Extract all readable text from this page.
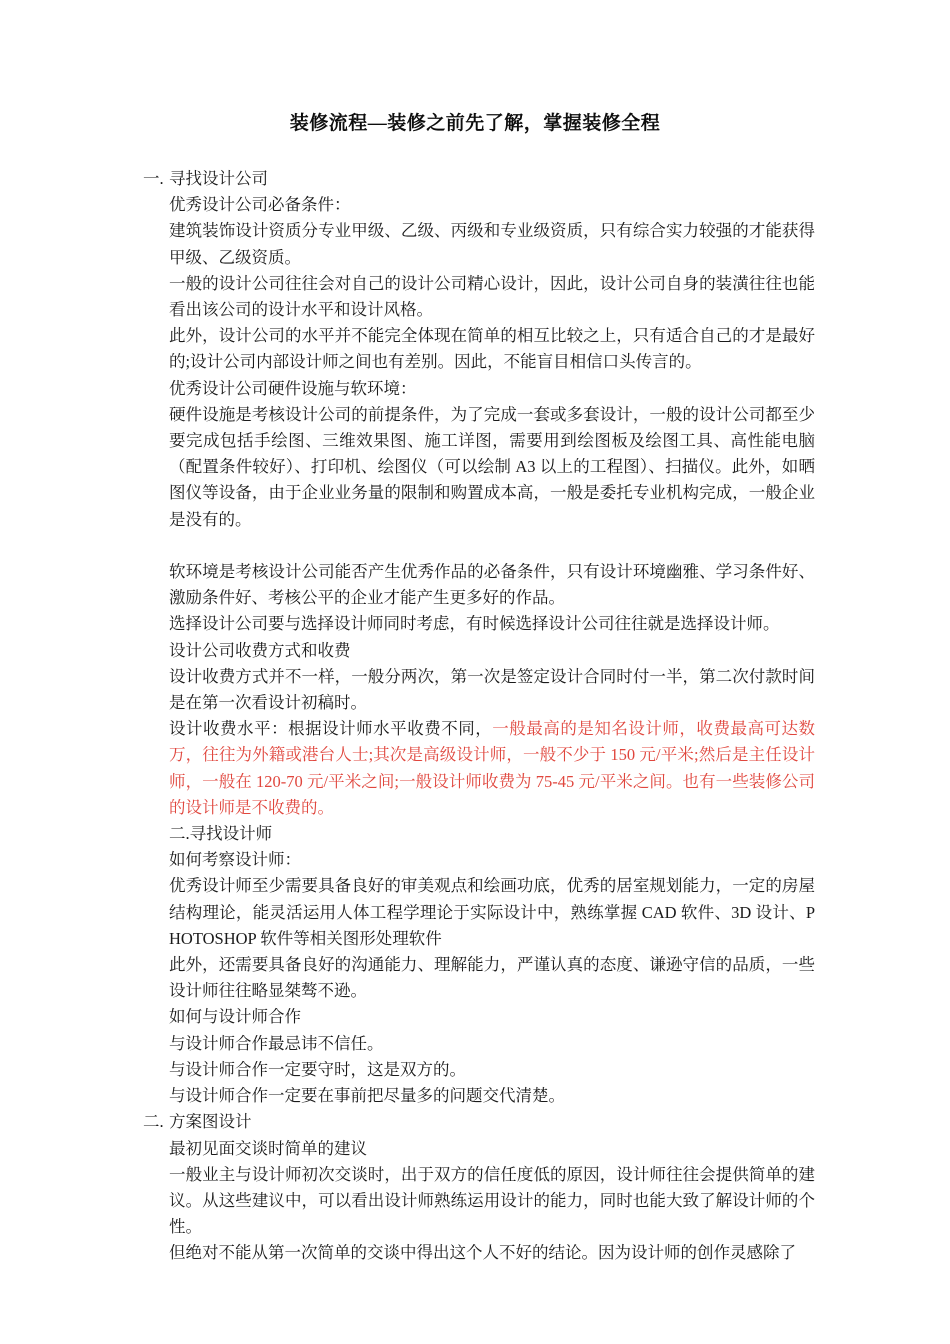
装修流程—装修之前先了解，掌握装修全程
一. 寻找设计公司

优秀设计公司必备条件：

建筑装饰设计资质分专业甲级、乙级、丙级和专业级资质，只有综合实力较强的才能获得甲级、乙级资质。

一般的设计公司往往会对自己的设计公司精心设计，因此，设计公司自身的装潢往往也能看出该公司的设计水平和设计风格。

此外，设计公司的水平并不能完全体现在简单的相互比较之上，只有适合自己的才是最好的;设计公司内部设计师之间也有差别。因此，不能盲目相信口头传言的。

优秀设计公司硬件设施与软环境：

硬件设施是考核设计公司的前提条件，为了完成一套或多套设计，一般的设计公司都至少要完成包括手绘图、三维效果图、施工详图，需要用到绘图板及绘图工具、高性能电脑（配置条件较好）、打印机、绘图仪（可以绘制 A3 以上的工程图）、扫描仪。此外，如晒图仪等设备，由于企业业务量的限制和购置成本高，一般是委托专业机构完成，一般企业是没有的。

软环境是考核设计公司能否产生优秀作品的必备条件，只有设计环境幽雅、学习条件好、激励条件好、考核公平的企业才能产生更多好的作品。

选择设计公司要与选择设计师同时考虑，有时候选择设计公司往往就是选择设计师。

设计公司收费方式和收费

设计收费方式并不一样，一般分两次，第一次是签定设计合同时付一半，第二次付款时间是在第一次看设计初稿时。

设计收费水平：根据设计师水平收费不同，一般最高的是知名设计师，收费最高可达数万，往往为外籍或港台人士;其次是高级设计师，一般不少于 150 元/平米;然后是主任设计师，一般在 120-70 元/平米之间;一般设计师收费为 75-45 元/平米之间。也有一些装修公司的设计师是不收费的。

二.寻找设计师

如何考察设计师：

优秀设计师至少需要具备良好的审美观点和绘画功底，优秀的居室规划能力，一定的房屋结构理论，能灵活运用人体工程学理论于实际设计中，熟练掌握 CAD 软件、3D 设计、PHOTOSHOP 软件等相关图形处理软件

此外，还需要具备良好的沟通能力、理解能力，严谨认真的态度、谦逊守信的品质，一些设计师往往略显桀骜不逊。

如何与设计师合作

与设计师合作最忌讳不信任。

与设计师合作一定要守时，这是双方的。

与设计师合作一定要在事前把尽量多的问题交代清楚。

二. 方案图设计

最初见面交谈时简单的建议

一般业主与设计师初次交谈时，出于双方的信任度低的原因，设计师往往会提供简单的建议。从这些建议中，可以看出设计师熟练运用设计的能力，同时也能大致了解设计师的个性。

但绝对不能从第一次简单的交谈中得出这个人不好的结论。因为设计师的创作灵感除了
